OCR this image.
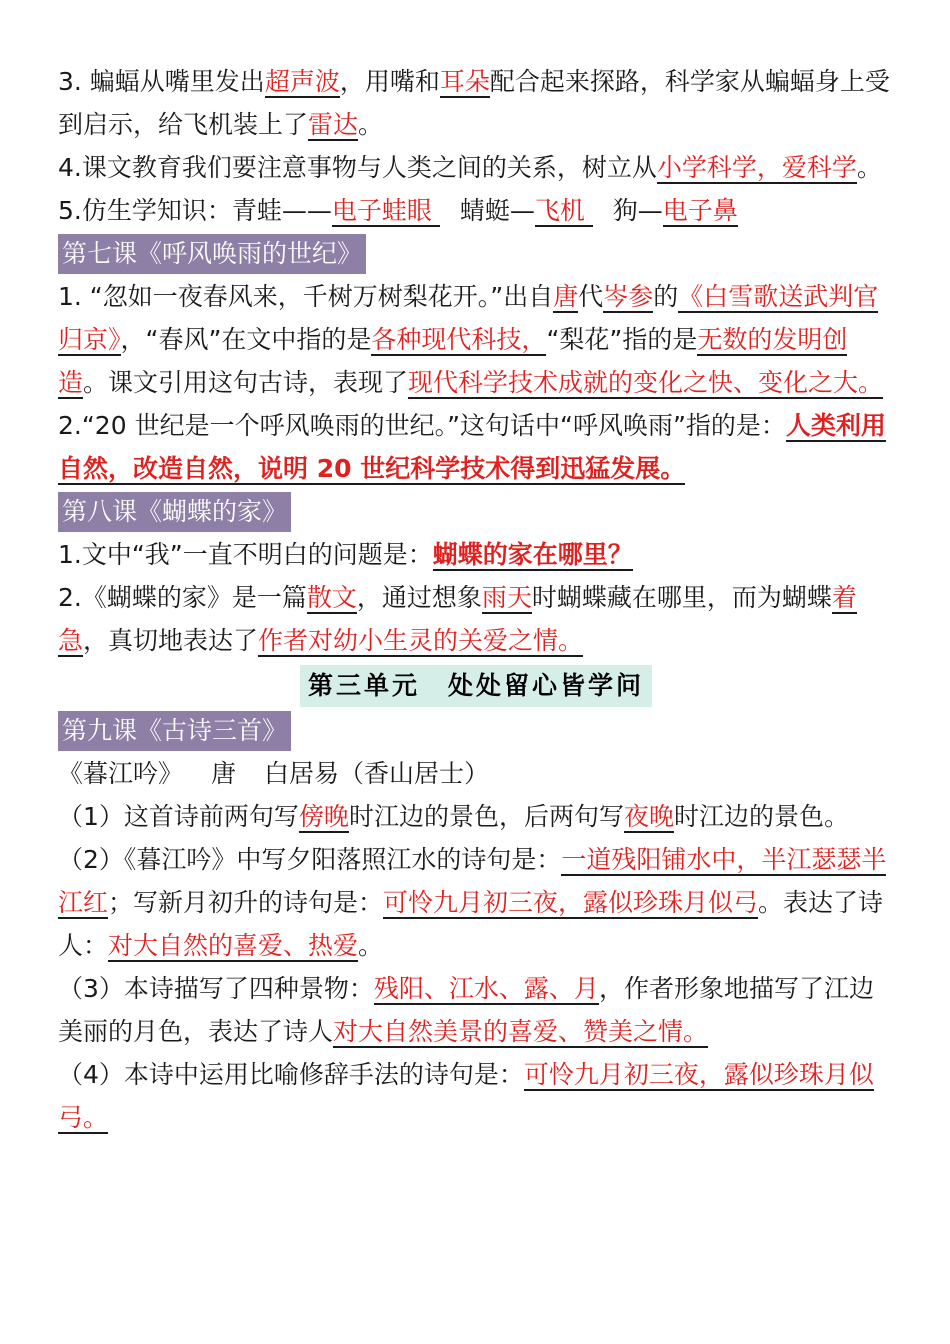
3. 蝙蝠从嘴里发出超声波，用嘴和耳朵配合起来探路，科学家从蝙蝠身上受到启示，给飞机装上了雷达。

4.课文教育我们要注意事物与人类之间的关系，树立从小学科学，爱科学。

5.仿生学知识：青蛙——电子蛙眼 蜻蜓—飞机 狗—电子鼻

第七课《呼风唤雨的世纪》

1. “忽如一夜春风来，千树万树梨花开。”出自唐代岑参的《白雪歌送武判官归京》，“春风”在文中指的是各种现代科技，“梨花”指的是无数的发明创造。课文引用这句古诗，表现了现代科学技术成就的变化之快、变化之大。

2.“20 世纪是一个呼风唤雨的世纪。”这句话中“呼风唤雨”指的是：人类利用自然，改造自然，说明 20 世纪科学技术得到迅猛发展。

第八课《蝴蝶的家》

1.文中“我”一直不明白的问题是：蝴蝶的家在哪里？

2.《蝴蝶的家》是一篇散文，通过想象雨天时蝴蝶藏在哪里，而为蝴蝶着急，真切地表达了作者对幼小生灵的关爱之情。

第三单元 处处留心皆学问
第九课《古诗三首》

《暮江吟》 唐 白居易（香山居士）

（1）这首诗前两句写傍晚时江边的景色，后两句写夜晚时江边的景色。

（2）《暮江吟》中写夕阳落照江水的诗句是：一道残阳铺水中，半江瑟瑟半江红；写新月初升的诗句是：可怜九月初三夜，露似珍珠月似弓。表达了诗人：对大自然的喜爱、热爱。

（3）本诗描写了四种景物：残阳、江水、露、月，作者形象地描写了江边美丽的月色，表达了诗人对大自然美景的喜爱、赞美之情。

（4）本诗中运用比喻修辞手法的诗句是：可怜九月初三夜，露似珍珠月似弓。
